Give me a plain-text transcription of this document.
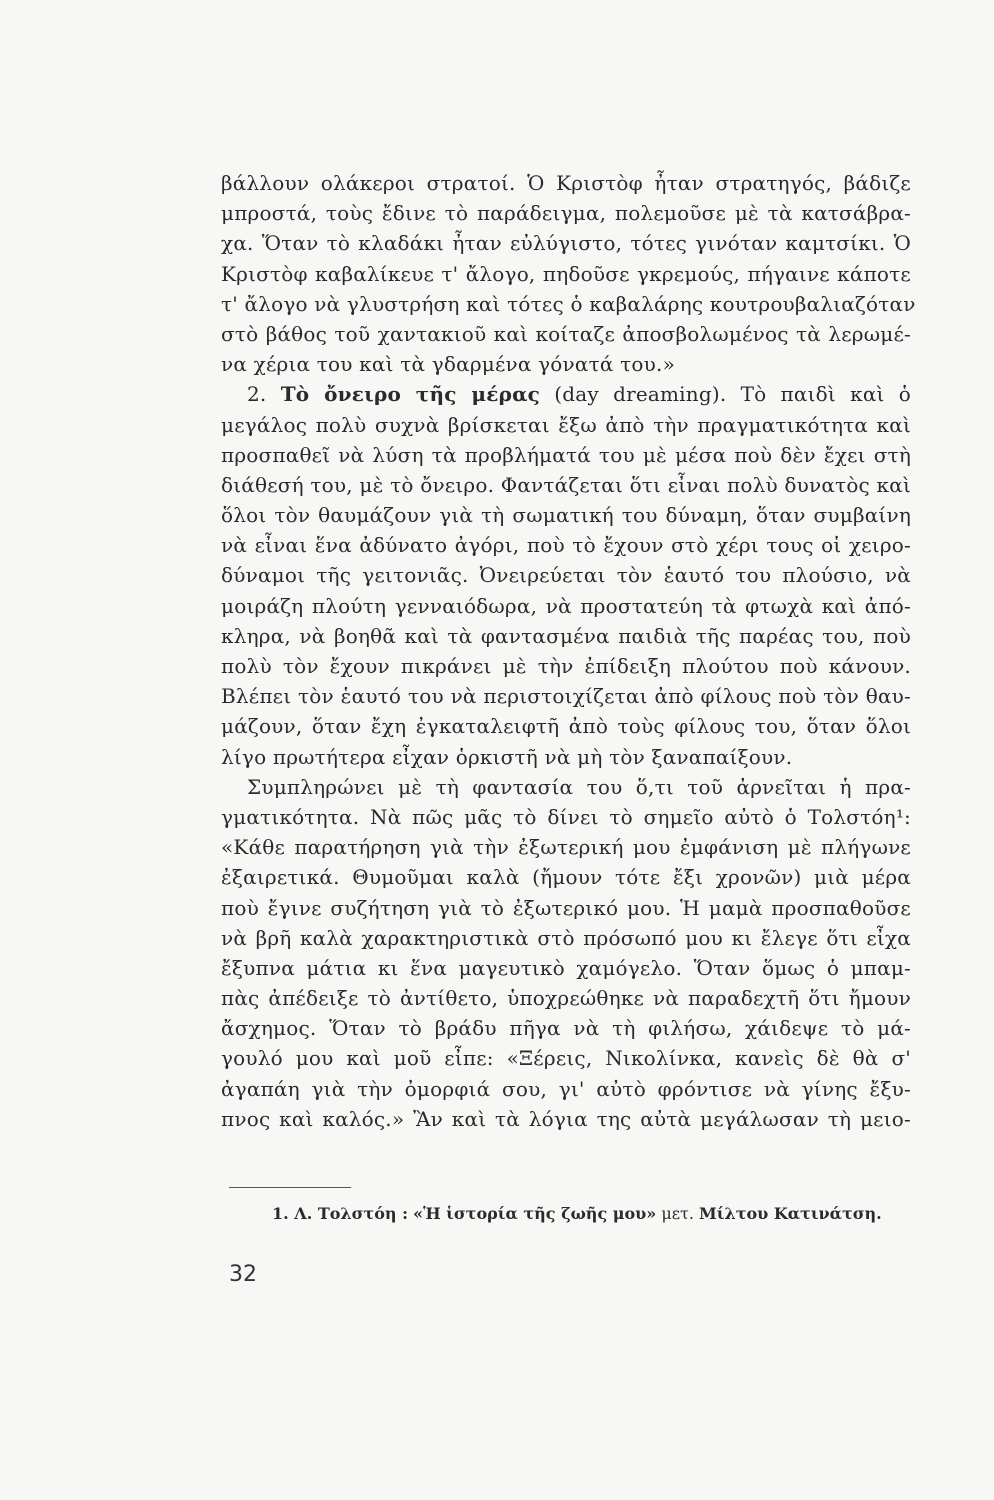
βάλλουν ολάκεροι στρατοί. Ὁ Κριστὸφ ἦταν στρατηγός, βάδιζε
μπροστά, τοὺς ἔδινε τὸ παράδειγμα, πολεμοῦσε μὲ τὰ κατσάβρα-
χα. Ὅταν τὸ κλαδάκι ἦταν εὐλύγιστο, τότες γινόταν καμτσίκι. Ὁ
Κριστὸφ καβαλίκευε τ' ἄλογο, πηδοῦσε γκρεμούς, πήγαινε κάποτε
τ' ἄλογο νὰ γλυστρήση καὶ τότες ὁ καβαλάρης κουτρουβαλιαζόταν
στὸ βάθος τοῦ χαντακιοῦ καὶ κοίταζε ἀποσβολωμένος τὰ λερωμέ-
να χέρια του καὶ τὰ γδαρμένα γόνατά του.»
2. Τὸ ὄνειρο τῆς μέρας (day dreaming). Τὸ παιδὶ καὶ ὁ
μεγάλος πολὺ συχνὰ βρίσκεται ἔξω ἀπὸ τὴν πραγματικότητα καὶ
προσπαθεῖ νὰ λύση τὰ προβλήματά του μὲ μέσα ποὺ δὲν ἔχει στὴ
διάθεσή του, μὲ τὸ ὄνειρο. Φαντάζεται ὅτι εἶναι πολὺ δυνατὸς καὶ
ὅλοι τὸν θαυμάζουν γιὰ τὴ σωματική του δύναμη, ὅταν συμβαίνη
νὰ εἶναι ἕνα ἀδύνατο ἀγόρι, ποὺ τὸ ἔχουν στὸ χέρι τους οἱ χειρο-
δύναμοι τῆς γειτονιᾶς. Ὀνειρεύεται τὸν ἑαυτό του πλούσιο, νὰ
μοιράζη πλούτη γενναιόδωρα, νὰ προστατεύη τὰ φτωχὰ καὶ ἀπό-
κληρα, νὰ βοηθᾶ καὶ τὰ φαντασμένα παιδιὰ τῆς παρέας του, ποὺ
πολὺ τὸν ἔχουν πικράνει μὲ τὴν ἐπίδειξη πλούτου ποὺ κάνουν.
Βλέπει τὸν ἑαυτό του νὰ περιστοιχίζεται ἀπὸ φίλους ποὺ τὸν θαυ-
μάζουν, ὅταν ἔχη ἐγκαταλειφτῆ ἀπὸ τοὺς φίλους του, ὅταν ὅλοι
λίγο πρωτήτερα εἶχαν ὁρκιστῆ νὰ μὴ τὸν ξαναπαίξουν.
Συμπληρώνει μὲ τὴ φαντασία του ὅ,τι τοῦ ἀρνεῖται ἡ πρα-
γματικότητα. Νὰ πῶς μᾶς τὸ δίνει τὸ σημεῖο αὐτὸ ὁ Τολστόη¹:
«Κάθε παρατήρηση γιὰ τὴν ἐξωτερική μου ἐμφάνιση μὲ πλήγωνε
ἐξαιρετικά. Θυμοῦμαι καλὰ (ἤμουν τότε ἔξι χρονῶν) μιὰ μέρα
ποὺ ἔγινε συζήτηση γιὰ τὸ ἐξωτερικό μου. Ἡ μαμὰ προσπαθοῦσε
νὰ βρῆ καλὰ χαρακτηριστικὰ στὸ πρόσωπό μου κι ἔλεγε ὅτι εἶχα
ἔξυπνα μάτια κι ἕνα μαγευτικὸ χαμόγελο. Ὅταν ὅμως ὁ μπαμ-
πὰς ἀπέδειξε τὸ ἀντίθετο, ὑποχρεώθηκε νὰ παραδεχτῆ ὅτι ἤμουν
ἄσχημος. Ὅταν τὸ βράδυ πῆγα νὰ τὴ φιλήσω, χάιδεψε τὸ μά-
γουλό μου καὶ μοῦ εἶπε: «Ξέρεις, Νικολίνκα, κανεὶς δὲ θὰ σ'
ἀγαπάη γιὰ τὴν ὀμορφιά σου, γι' αὐτὸ φρόντισε νὰ γίνης ἔξυ-
πνος καὶ καλός.» Ἂν καὶ τὰ λόγια της αὐτὰ μεγάλωσαν τὴ μειο-
1. Λ. Τολστόη : «Ἡ ἱστορία τῆς ζωῆς μου» μετ. Μίλτου Κατινάτση.
32
